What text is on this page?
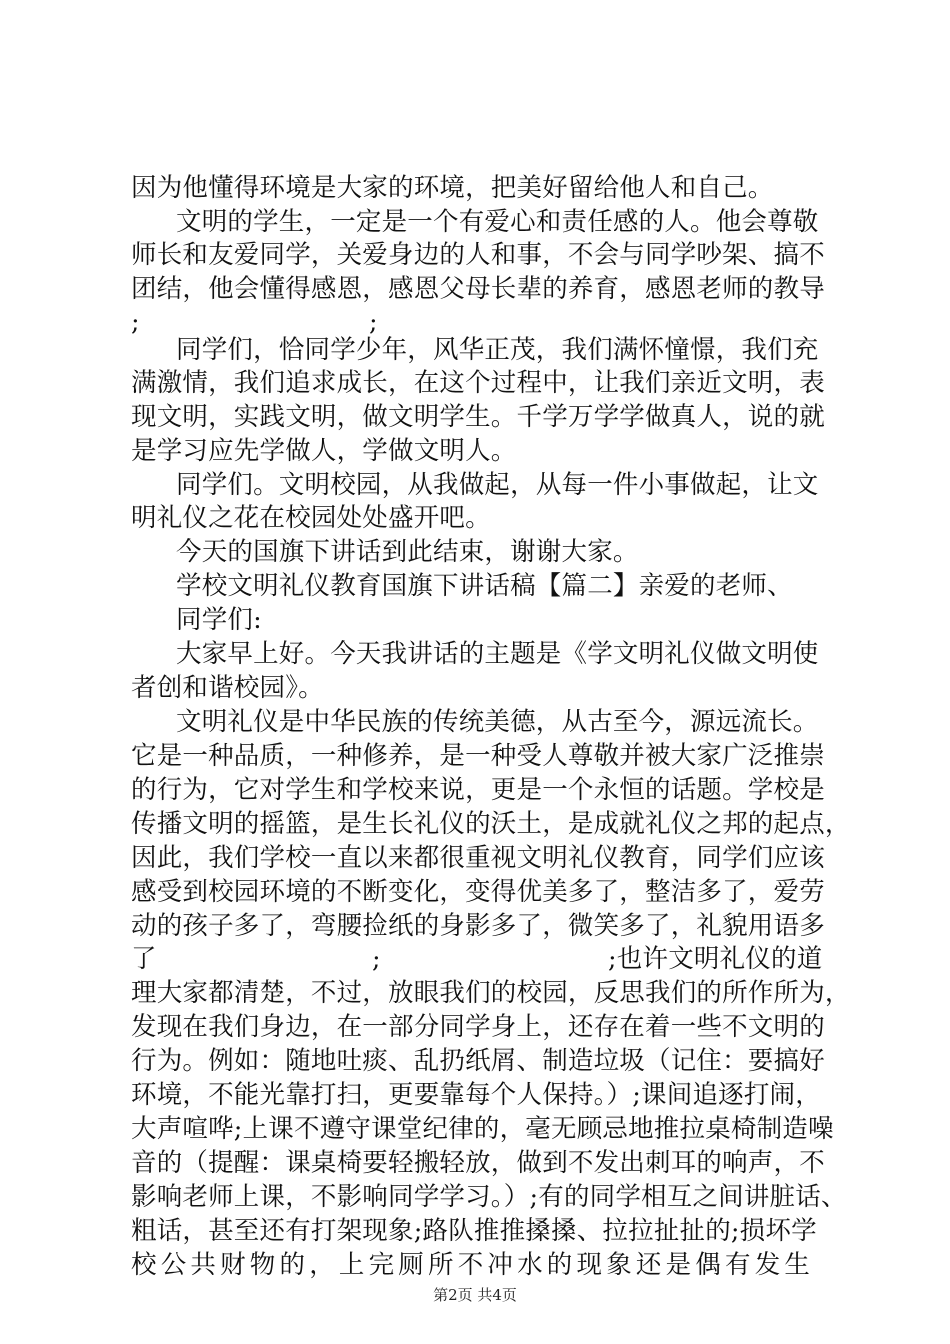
因为他懂得环境是大家的环境，把美好留给他人和自己。
文明的学生，一定是一个有爱心和责任感的人。他会尊敬
师长和友爱同学，关爱身边的人和事，不会与同学吵架、搞不
团结，他会懂得感恩，感恩父母长辈的养育，感恩老师的教导
;	;
同学们，恰同学少年，风华正茂，我们满怀憧憬，我们充
满激情，我们追求成长，在这个过程中，让我们亲近文明，表
现文明，实践文明，做文明学生。千学万学学做真人，说的就
是学习应先学做人，学做文明人。
同学们。文明校园，从我做起，从每一件小事做起，让文
明礼仪之花在校园处处盛开吧。
今天的国旗下讲话到此结束，谢谢大家。
学校文明礼仪教育国旗下讲话稿【篇二】亲爱的老师、
同学们:
大家早上好。今天我讲话的主题是《学文明礼仪做文明使
者创和谐校园》。
文明礼仪是中华民族的传统美德，从古至今，源远流长。
它是一种品质，一种修养，是一种受人尊敬并被大家广泛推崇
的行为，它对学生和学校来说，更是一个永恒的话题。学校是
传播文明的摇篮，是生长礼仪的沃土，是成就礼仪之邦的起点，
因此，我们学校一直以来都很重视文明礼仪教育，同学们应该
感受到校园环境的不断变化，变得优美多了，整洁多了，爱劳
动的孩子多了，弯腰捡纸的身影多了，微笑多了，礼貌用语多
了	;	;也许文明礼仪的道
理大家都清楚，不过，放眼我们的校园，反思我们的所作所为，
发现在我们身边，在一部分同学身上，还存在着一些不文明的
行为。例如：随地吐痰、乱扔纸屑、制造垃圾（记住：要搞好
环境，不能光靠打扫，更要靠每个人保持。）;课间追逐打闹，
大声喧哗;上课不遵守课堂纪律的，毫无顾忌地推拉桌椅制造噪
音的（提醒：课桌椅要轻搬轻放，做到不发出刺耳的响声，不
影响老师上课，不影响同学学习。）;有的同学相互之间讲脏话、
粗话，甚至还有打架现象;路队推推搡搡、拉拉扯扯的;损坏学
校公共财物的，上完厕所不冲水的现象还是偶有发生
第2页 共4页
